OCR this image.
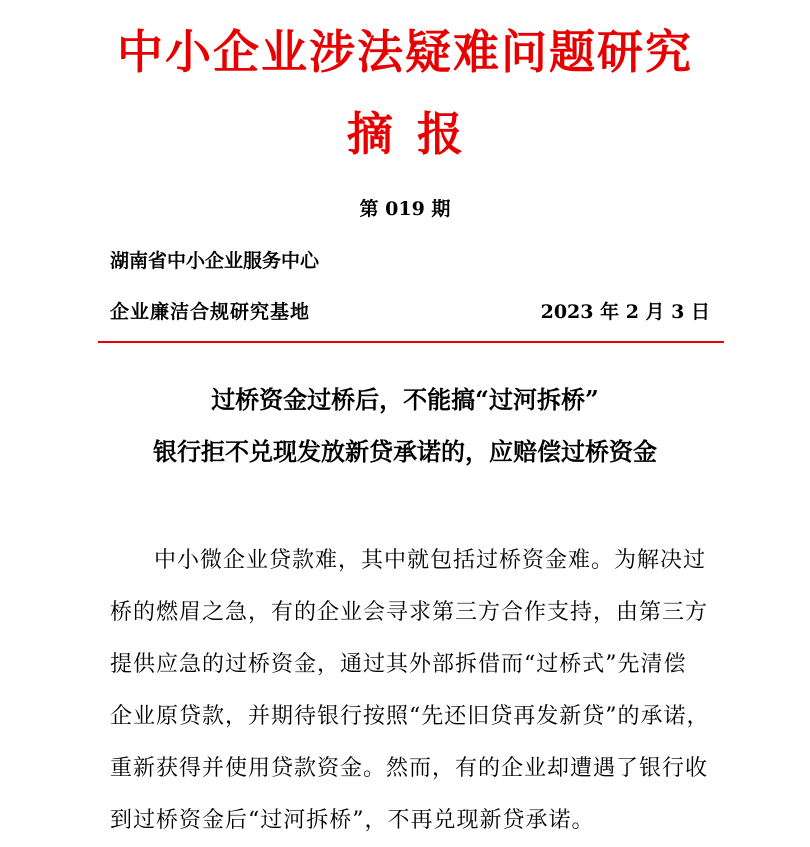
中小企业涉法疑难问题研究
摘报
第 019 期
湖南省中小企业服务中心
企业廉洁合规研究基地	2023 年 2 月 3 日
过桥资金过桥后，不能搞“过河拆桥”
银行拒不兑现发放新贷承诺的，应赔偿过桥资金
中小微企业贷款难，其中就包括过桥资金难。为解决过
桥的燃眉之急，有的企业会寻求第三方合作支持，由第三方
提供应急的过桥资金，通过其外部拆借而“过桥式”先清偿
企业原贷款，并期待银行按照“先还旧贷再发新贷”的承诺，
重新获得并使用贷款资金。然而，有的企业却遭遇了银行收
到过桥资金后“过河拆桥”，不再兑现新贷承诺。
